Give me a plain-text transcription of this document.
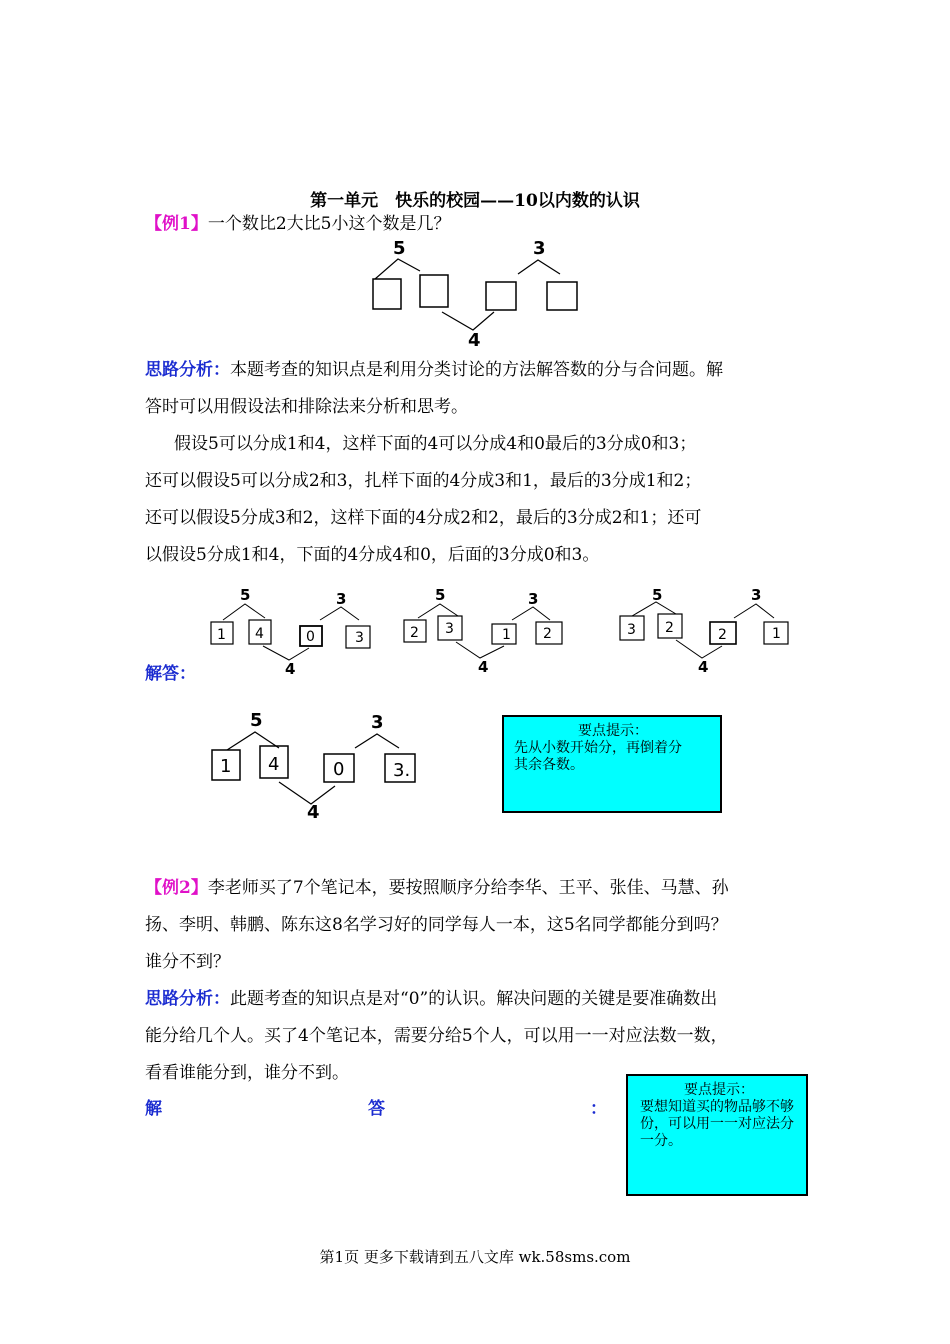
第一单元　快乐的校园——10以内数的认识
【例1】一个数比2大比5小这个数是几？
5	3
4
思路分析：本题考查的知识点是利用分类讨论的方法解答数的分与合问题。解
答时可以用假设法和排除法来分析和思考。
假设5可以分成1和4，这样下面的4可以分成4和0最后的3分成0和3；
还可以假设5可以分成2和3，扎样下面的4分成3和1，最后的3分成1和2；
还可以假设5分成3和2，这样下面的4分成2和2，最后的3分成2和1；还可
以假设5分成1和4，下面的4分成4和0，后面的3分成0和3。
5
1 4
3
0	3
4
5
2 3
3
1 2
4
5
3 2
3
2	1
4
解答：
5
1 4
3
0	3.
4
要点提示：
先从小数开始分，再倒着分其余各数。
【例2】李老师买了7个笔记本，要按照顺序分给李华、王平、张佳、马慧、孙
扬、李明、韩鹏、陈东这8名学习好的同学每人一本，这5名同学都能分到吗？
谁分不到？
思路分析：此题考查的知识点是对“0”的认识。解决问题的关键是要准确数出
能分给几个人。买了4个笔记本，需要分给5个人，可以用一一对应法数一数，
看看谁能分到，谁分不到。
解	答	：
要点提示：
要想知道买的物品够不够份，可以用一一对应法分一分。
第1页 更多下载请到五八文库 wk.58sms.com
